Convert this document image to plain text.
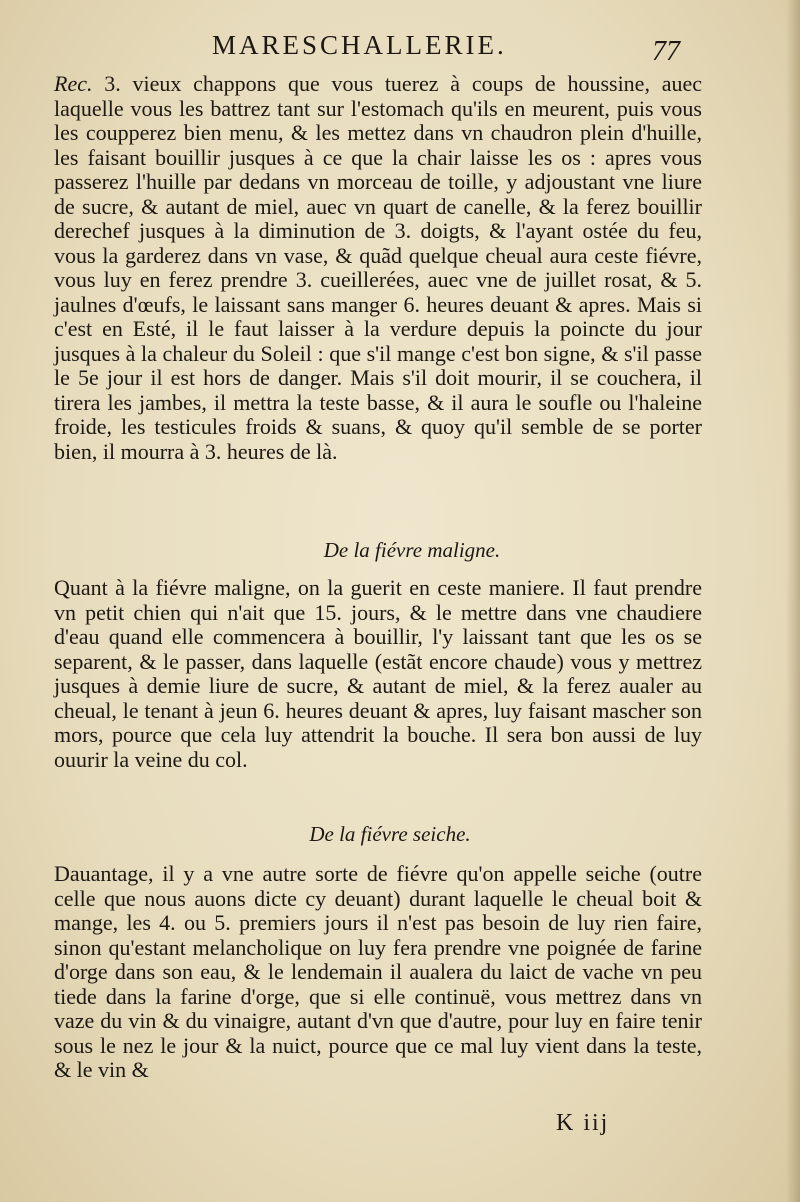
MARESCHALLERIE.	77
Rec. 3. vieux chappons que vous tuerez à coups de houssine, auec laquelle vous les battrez tant sur l'estomach qu'ils en meurent, puis vous les coupperez bien menu, & les mettez dans vn chaudron plein d'huille, les faisant bouillir jusques à ce que la chair laisse les os : apres vous passerez l'huille par dedans vn morceau de toille, y adjoustant vne liure de sucre, & autant de miel, auec vn quart de canelle, & la ferez bouillir derechef jusques à la diminution de 3. doigts, & l'ayant ostée du feu, vous la garderez dans vn vase, & quãd quelque cheual aura ceste fiévre, vous luy en ferez prendre 3. cueillerées, auec vne de juillet rosat, & 5. jaulnes d'œufs, le laissant sans manger 6. heures deuant & apres. Mais si c'est en Esté, il le faut laisser à la verdure depuis la poincte du jour jusques à la chaleur du Soleil : que s'il mange c'est bon signe, & s'il passe le 5e jour il est hors de danger. Mais s'il doit mourir, il se couchera, il tirera les jambes, il mettra la teste basse, & il aura le soufle ou l'haleine froide, les testicules froids & suans, & quoy qu'il semble de se porter bien, il mourra à 3. heures de là.
De la fiévre maligne.
Quant à la fiévre maligne, on la guerit en ceste maniere. Il faut prendre vn petit chien qui n'ait que 15. jours, & le mettre dans vne chaudiere d'eau quand elle commencera à bouillir, l'y laissant tant que les os se separent, & le passer, dans laquelle (estãt encore chaude) vous y mettrez jusques à demie liure de sucre, & autant de miel, & la ferez aualer au cheual, le tenant à jeun 6. heures deuant & apres, luy faisant mascher son mors, pource que cela luy attendrit la bouche. Il sera bon aussi de luy ouurir la veine du col.
De la fiévre seiche.
Dauantage, il y a vne autre sorte de fiévre qu'on appelle seiche (outre celle que nous auons dicte cy deuant) durant laquelle le cheual boit & mange, les 4. ou 5. premiers jours il n'est pas besoin de luy rien faire, sinon qu'estant melancholique on luy fera prendre vne poignée de farine d'orge dans son eau, & le lendemain il aualera du laict de vache vn peu tiede dans la farine d'orge, que si elle continuë, vous mettrez dans vn vaze du vin & du vinaigre, autant d'vn que d'autre, pour luy en faire tenir sous le nez le jour & la nuict, pource que ce mal luy vient dans la teste, & le vin &
K iij
